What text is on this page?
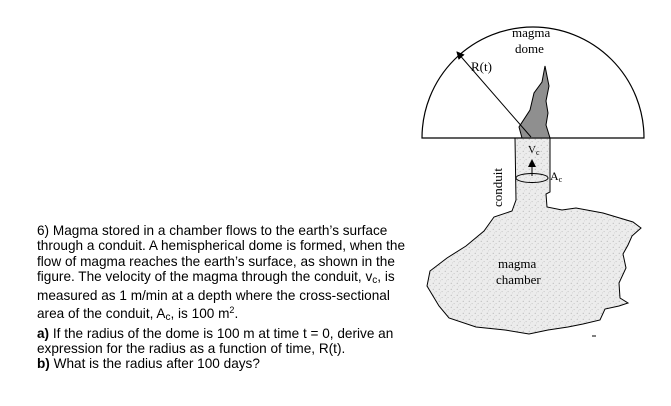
magma
dome
R(t)
conduit
Vc
Ac
magma
chamber

6) Magma stored in a chamber flows to the earth’s surface through a conduit. A hemispherical dome is formed, when the flow of magma reaches the earth’s surface, as shown in the figure. The velocity of the magma through the conduit, $v_c$, is measured as 1 m/min at a depth where the cross-sectional area of the conduit, $A_c$, is 100 $m^2$.

a) If the radius of the dome is 100 m at time t = 0, derive an expression for the radius as a function of time, R(t).

b) What is the radius after 100 days?
